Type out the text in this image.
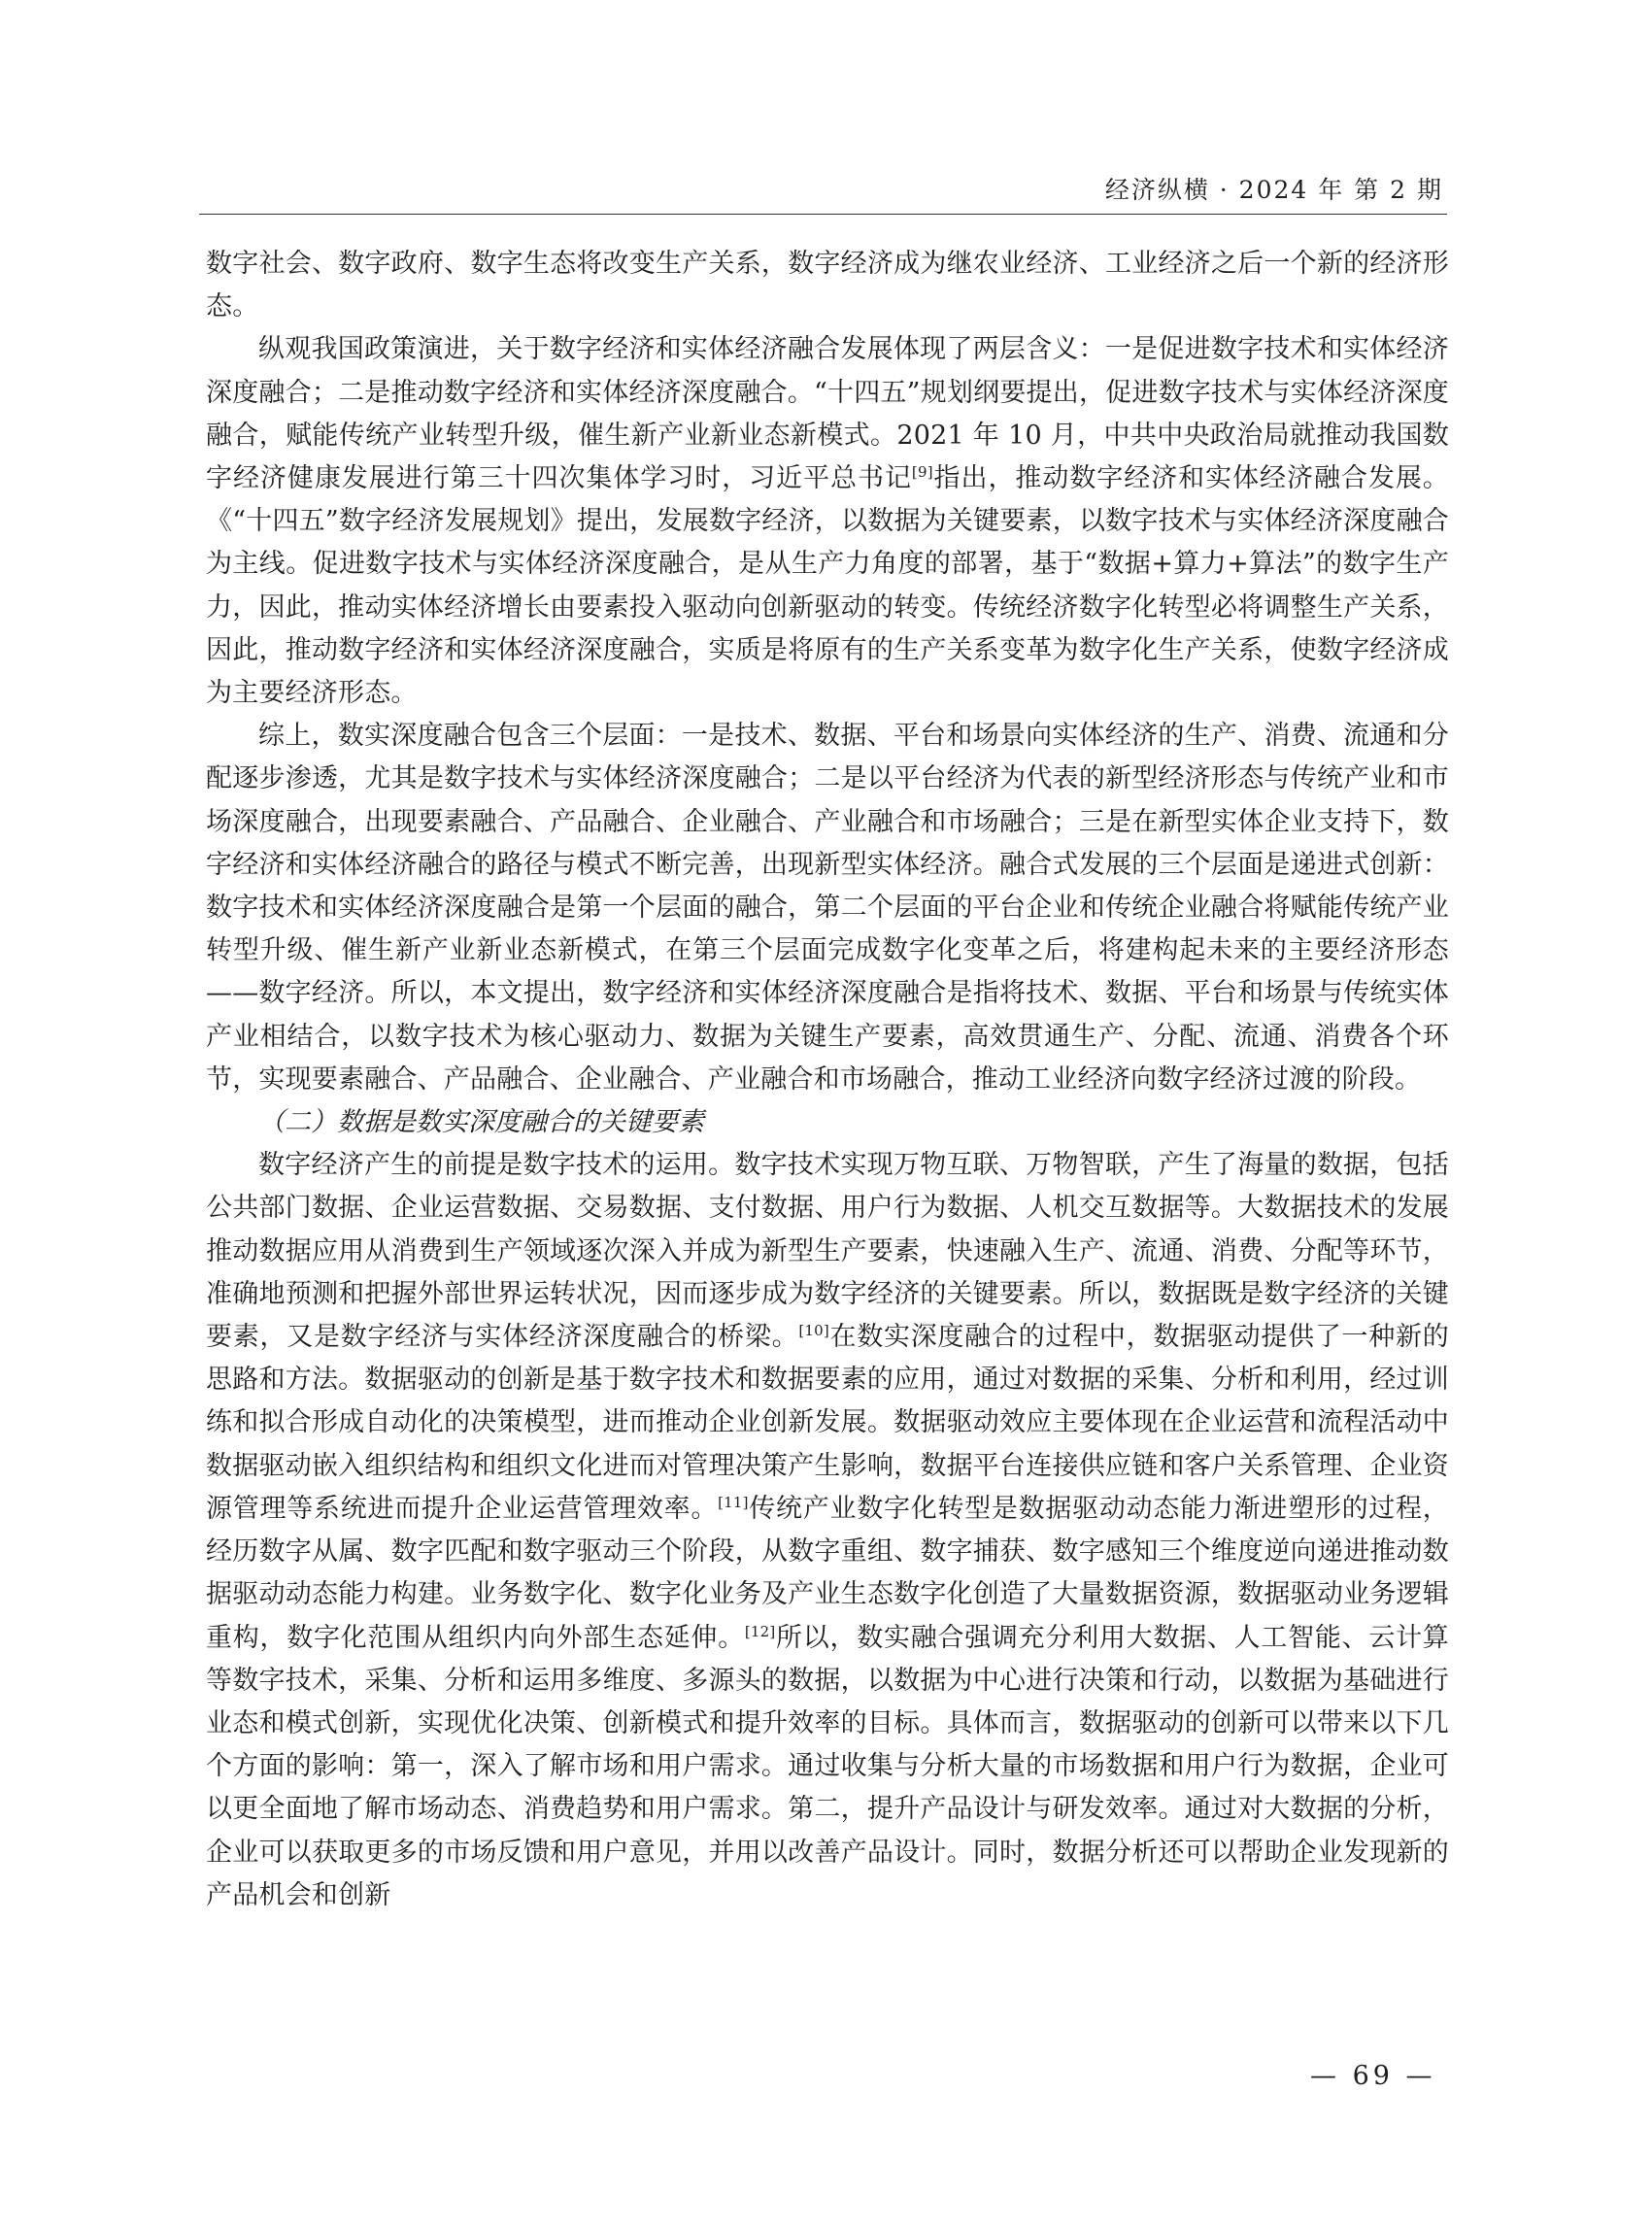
经济纵横 · 2024 年 第 2 期

数字社会、数字政府、数字生态将改变生产关系，数字经济成为继农业经济、工业经济之后一个新的经济形态。

纵观我国政策演进，关于数字经济和实体经济融合发展体现了两层含义：一是促进数字技术和实体经济深度融合；二是推动数字经济和实体经济深度融合。“十四五”规划纲要提出，促进数字技术与实体经济深度融合，赋能传统产业转型升级，催生新产业新业态新模式。2021 年 10 月，中共中央政治局就推动我国数字经济健康发展进行第三十四次集体学习时，习近平总书记[9]指出，推动数字经济和实体经济融合发展。《“十四五”数字经济发展规划》提出，发展数字经济，以数据为关键要素，以数字技术与实体经济深度融合为主线。促进数字技术与实体经济深度融合，是从生产力角度的部署，基于“数据+算力+算法”的数字生产力，因此，推动实体经济增长由要素投入驱动向创新驱动的转变。传统经济数字化转型必将调整生产关系，因此，推动数字经济和实体经济深度融合，实质是将原有的生产关系变革为数字化生产关系，使数字经济成为主要经济形态。

综上，数实深度融合包含三个层面：一是技术、数据、平台和场景向实体经济的生产、消费、流通和分配逐步渗透，尤其是数字技术与实体经济深度融合；二是以平台经济为代表的新型经济形态与传统产业和市场深度融合，出现要素融合、产品融合、企业融合、产业融合和市场融合；三是在新型实体企业支持下，数字经济和实体经济融合的路径与模式不断完善，出现新型实体经济。融合式发展的三个层面是递进式创新：数字技术和实体经济深度融合是第一个层面的融合，第二个层面的平台企业和传统企业融合将赋能传统产业转型升级、催生新产业新业态新模式，在第三个层面完成数字化变革之后，将建构起未来的主要经济形态——数字经济。所以，本文提出，数字经济和实体经济深度融合是指将技术、数据、平台和场景与传统实体产业相结合，以数字技术为核心驱动力、数据为关键生产要素，高效贯通生产、分配、流通、消费各个环节，实现要素融合、产品融合、企业融合、产业融合和市场融合，推动工业经济向数字经济过渡的阶段。

（二）数据是数实深度融合的关键要素

数字经济产生的前提是数字技术的运用。数字技术实现万物互联、万物智联，产生了海量的数据，包括公共部门数据、企业运营数据、交易数据、支付数据、用户行为数据、人机交互数据等。大数据技术的发展推动数据应用从消费到生产领域逐次深入并成为新型生产要素，快速融入生产、流通、消费、分配等环节，准确地预测和把握外部世界运转状况，因而逐步成为数字经济的关键要素。所以，数据既是数字经济的关键要素，又是数字经济与实体经济深度融合的桥梁。[10]在数实深度融合的过程中，数据驱动提供了一种新的思路和方法。数据驱动的创新是基于数字技术和数据要素的应用，通过对数据的采集、分析和利用，经过训练和拟合形成自动化的决策模型，进而推动企业创新发展。数据驱动效应主要体现在企业运营和流程活动中数据驱动嵌入组织结构和组织文化进而对管理决策产生影响，数据平台连接供应链和客户关系管理、企业资源管理等系统进而提升企业运营管理效率。[11]传统产业数字化转型是数据驱动动态能力渐进塑形的过程，经历数字从属、数字匹配和数字驱动三个阶段，从数字重组、数字捕获、数字感知三个维度逆向递进推动数据驱动动态能力构建。业务数字化、数字化业务及产业生态数字化创造了大量数据资源，数据驱动业务逻辑重构，数字化范围从组织内向外部生态延伸。[12]所以，数实融合强调充分利用大数据、人工智能、云计算等数字技术，采集、分析和运用多维度、多源头的数据，以数据为中心进行决策和行动，以数据为基础进行业态和模式创新，实现优化决策、创新模式和提升效率的目标。具体而言，数据驱动的创新可以带来以下几个方面的影响：第一，深入了解市场和用户需求。通过收集与分析大量的市场数据和用户行为数据，企业可以更全面地了解市场动态、消费趋势和用户需求。第二，提升产品设计与研发效率。通过对大数据的分析，企业可以获取更多的市场反馈和用户意见，并用以改善产品设计。同时，数据分析还可以帮助企业发现新的产品机会和创新

— 69 —
